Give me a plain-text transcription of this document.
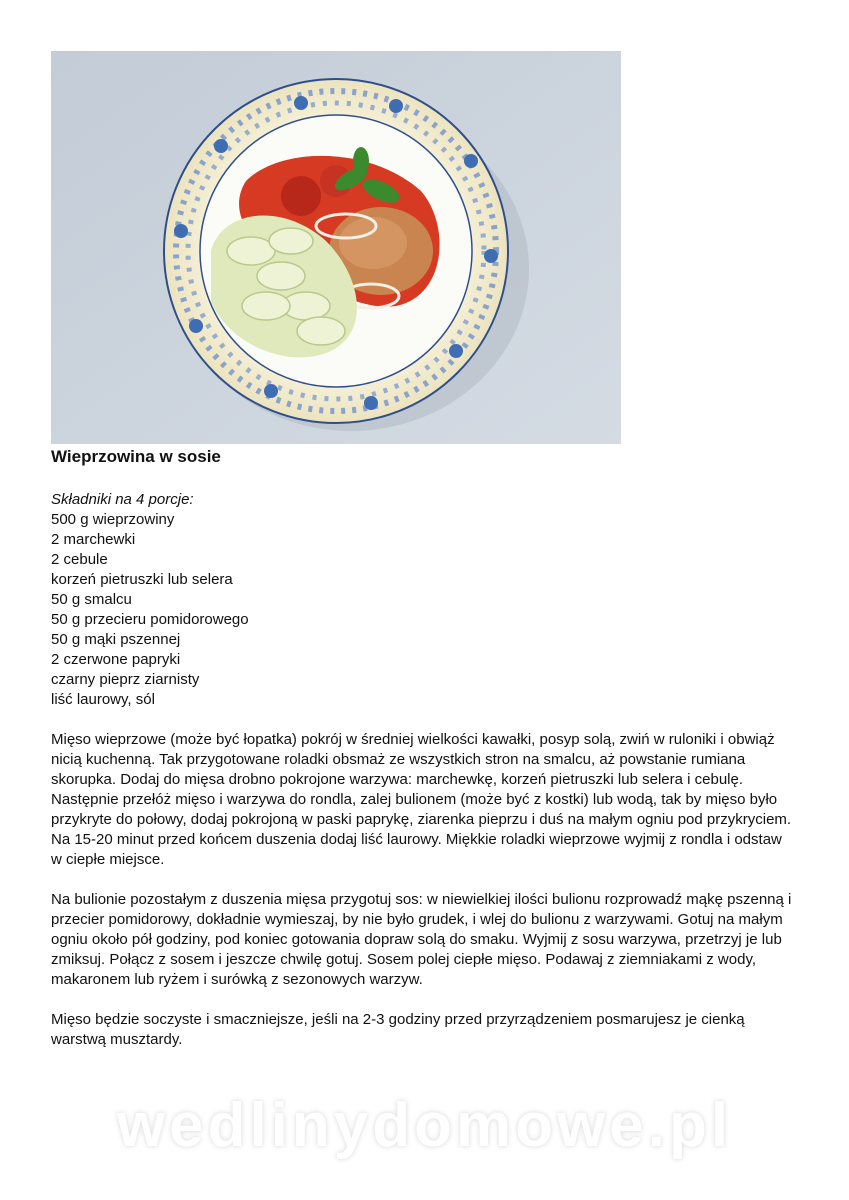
Wieprzowina w sosie

Składniki na 4 porcje:

500 g wieprzowiny
2 marchewki
2 cebule
korzeń pietruszki lub selera
50 g smalcu
50 g przecieru pomidorowego
50 g mąki pszennej
2 czerwone papryki
czarny pieprz ziarnisty
liść laurowy, sól

Mięso wieprzowe (może być łopatka) pokrój w średniej wielkości kawałki, posyp solą, zwiń w ruloniki i obwiąż nicią kuchenną. Tak przygotowane roladki obsmaż ze wszystkich stron na smalcu, aż powstanie rumiana skorupka. Dodaj do mięsa drobno pokrojone warzywa: marchewkę, korzeń pietruszki lub selera i cebulę. Następnie przełóż mięso i warzywa do rondla, zalej bulionem (może być z kostki) lub wodą, tak by mięso było przykryte do połowy, dodaj pokrojoną w paski paprykę, ziarenka pieprzu i duś na małym ogniu pod przykryciem. Na 15-20 minut przed końcem duszenia dodaj liść laurowy. Miękkie roladki wieprzowe wyjmij z rondla i odstaw w ciepłe miejsce.

Na bulionie pozostałym z duszenia mięsa przygotuj sos: w niewielkiej ilości bulionu rozprowadź mąkę pszenną i przecier pomidorowy, dokładnie wymieszaj, by nie było grudek, i wlej do bulionu z warzywami. Gotuj na małym ogniu około pół godziny, pod koniec gotowania dopraw solą do smaku. Wyjmij z sosu warzywa, przetrzyj je lub zmiksuj. Połącz z sosem i jeszcze chwilę gotuj. Sosem polej ciepłe mięso. Podawaj z ziemniakami z wody, makaronem lub ryżem i surówką z sezonowych warzyw.

Mięso będzie soczyste i smaczniejsze, jeśli na 2-3 godziny przed przyrządzeniem posmarujesz je cienką warstwą musztardy.

wedlinydomowe.pl
